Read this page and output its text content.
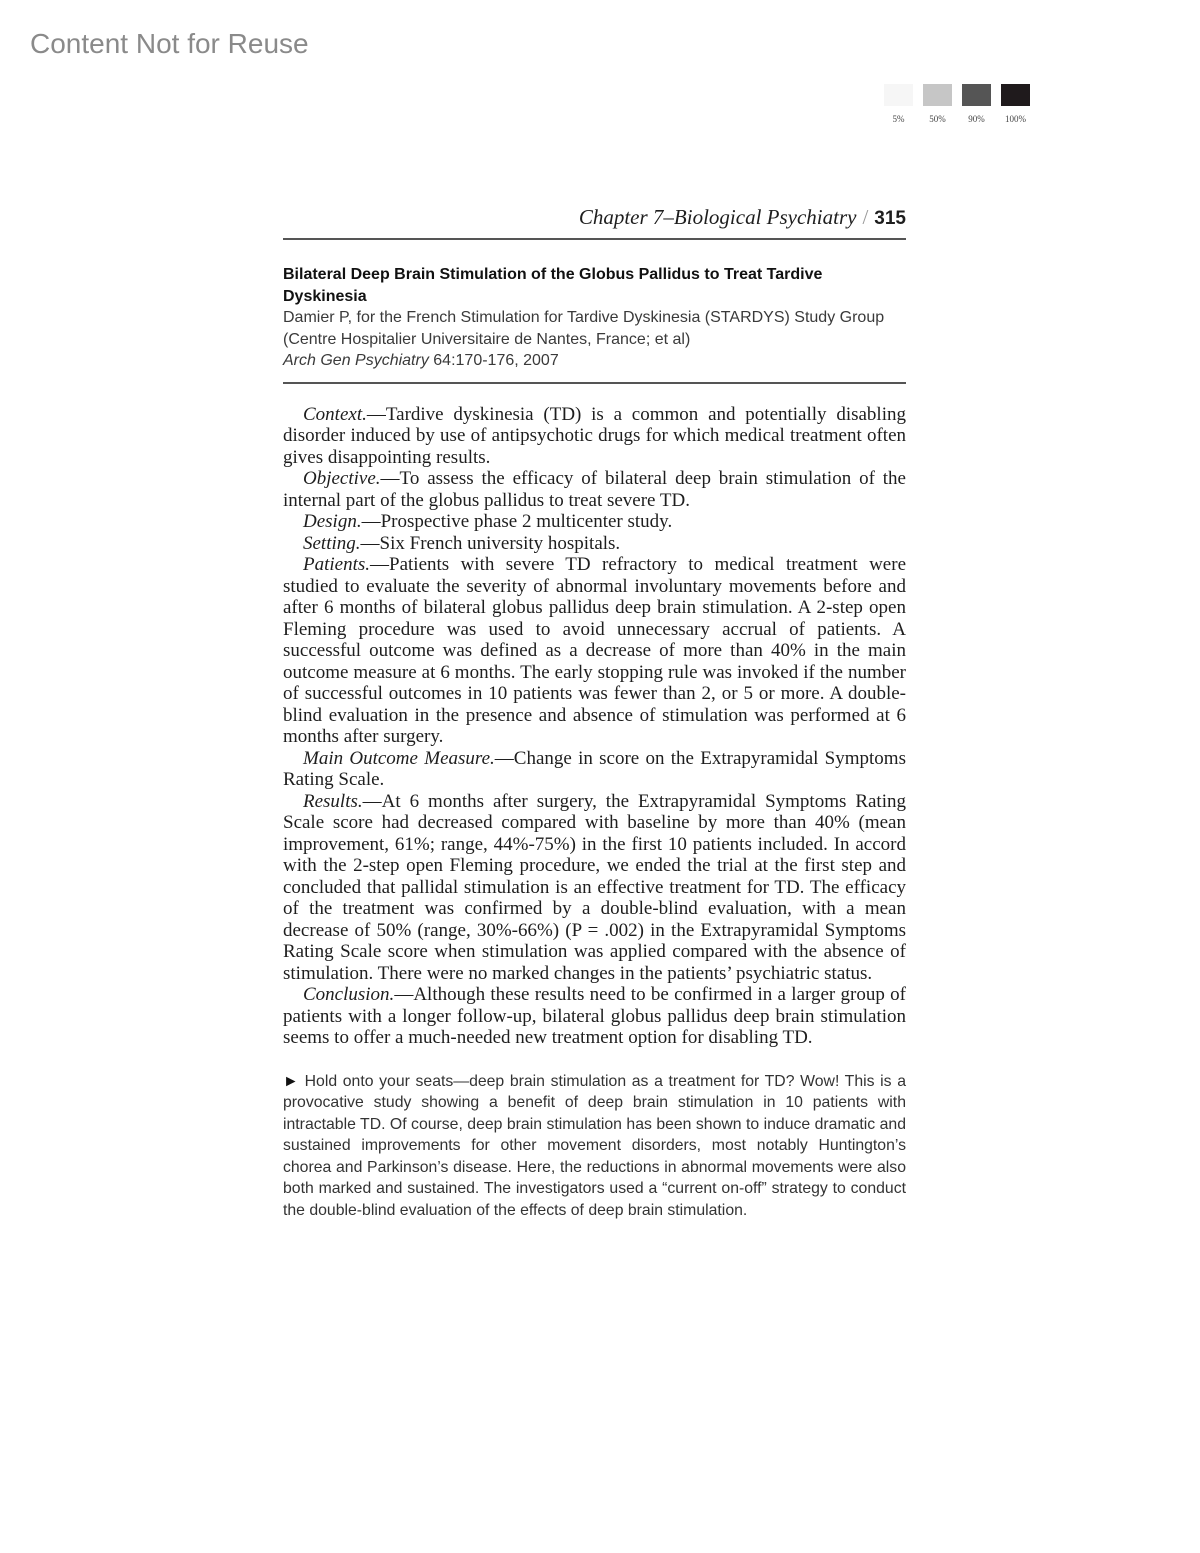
Content Not for Reuse
5%	50%	90% 100%
Chapter 7–Biological Psychiatry / 315
Bilateral Deep Brain Stimulation of the Globus Pallidus to Treat Tardive Dyskinesia
Damier P, for the French Stimulation for Tardive Dyskinesia (STARDYS) Study Group (Centre Hospitalier Universitaire de Nantes, France; et al)
Arch Gen Psychiatry 64:170-176, 2007

Context.—Tardive dyskinesia (TD) is a common and potentially disabling disorder induced by use of antipsychotic drugs for which medical treatment often gives disappointing results.

Objective.—To assess the efficacy of bilateral deep brain stimulation of the internal part of the globus pallidus to treat severe TD.

Design.—Prospective phase 2 multicenter study.

Setting.—Six French university hospitals.

Patients.—Patients with severe TD refractory to medical treatment were studied to evaluate the severity of abnormal involuntary movements before and after 6 months of bilateral globus pallidus deep brain stimulation. A 2-step open Fleming procedure was used to avoid unnecessary accrual of patients. A successful outcome was defined as a decrease of more than 40% in the main outcome measure at 6 months. The early stopping rule was invoked if the number of successful outcomes in 10 patients was fewer than 2, or 5 or more. A double-blind evaluation in the presence and absence of stimulation was performed at 6 months after surgery.

Main Outcome Measure.—Change in score on the Extrapyramidal Symptoms Rating Scale.

Results.—At 6 months after surgery, the Extrapyramidal Symptoms Rating Scale score had decreased compared with baseline by more than 40% (mean improvement, 61%; range, 44%-75%) in the first 10 patients included. In accord with the 2-step open Fleming procedure, we ended the trial at the first step and concluded that pallidal stimulation is an effective treatment for TD. The efficacy of the treatment was confirmed by a double-blind evaluation, with a mean decrease of 50% (range, 30%-66%) (P = .002) in the Extrapyramidal Symptoms Rating Scale score when stimulation was applied compared with the absence of stimulation. There were no marked changes in the patients’ psychiatric status.

Conclusion.—Although these results need to be confirmed in a larger group of patients with a longer follow-up, bilateral globus pallidus deep brain stimulation seems to offer a much-needed new treatment option for disabling TD.

► Hold onto your seats—deep brain stimulation as a treatment for TD? Wow! This is a provocative study showing a benefit of deep brain stimulation in 10 patients with intractable TD. Of course, deep brain stimulation has been shown to induce dramatic and sustained improvements for other movement disorders, most notably Huntington’s chorea and Parkinson’s disease. Here, the reductions in abnormal movements were also both marked and sustained. The investigators used a “current on-off” strategy to conduct the double-blind evaluation of the effects of deep brain stimulation.
